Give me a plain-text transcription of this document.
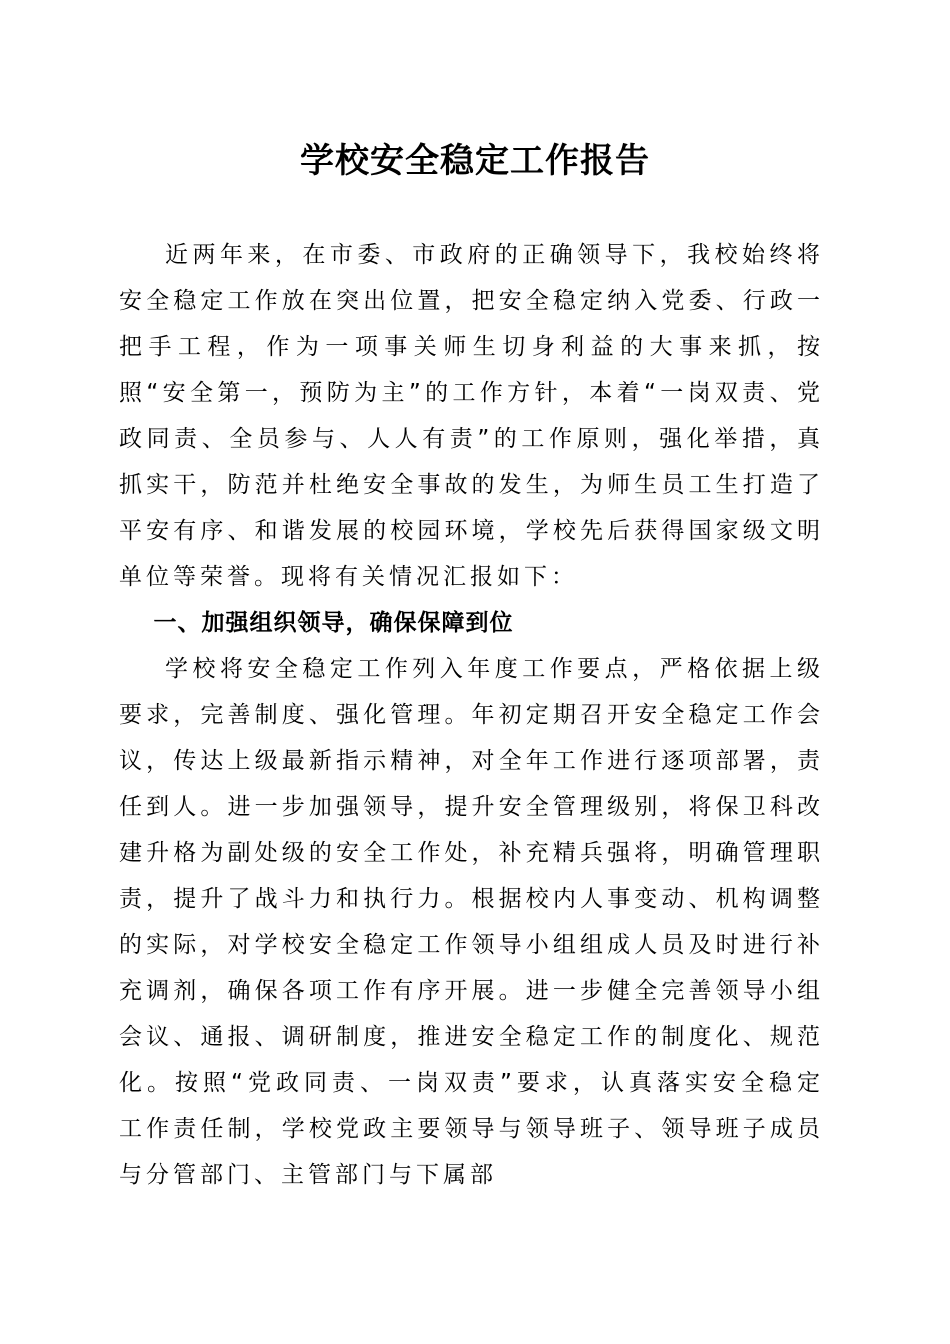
学校安全稳定工作报告

近两年来，在市委、市政府的正确领导下，我校始终将安全稳定工作放在突出位置，把安全稳定纳入党委、行政一把手工程，作为一项事关师生切身利益的大事来抓，按照“安全第一，预防为主”的工作方针，本着“一岗双责、党政同责、全员参与、人人有责”的工作原则，强化举措，真抓实干，防范并杜绝安全事故的发生，为师生员工生打造了平安有序、和谐发展的校园环境，学校先后获得国家级文明单位等荣誉。现将有关情况汇报如下：

一、加强组织领导，确保保障到位

学校将安全稳定工作列入年度工作要点，严格依据上级要求，完善制度、强化管理。年初定期召开安全稳定工作会议，传达上级最新指示精神，对全年工作进行逐项部署，责任到人。进一步加强领导，提升安全管理级别，将保卫科改建升格为副处级的安全工作处，补充精兵强将，明确管理职责，提升了战斗力和执行力。根据校内人事变动、机构调整的实际，对学校安全稳定工作领导小组组成人员及时进行补充调剂，确保各项工作有序开展。进一步健全完善领导小组会议、通报、调研制度，推进安全稳定工作的制度化、规范化。按照“党政同责、一岗双责”要求，认真落实安全稳定工作责任制，学校党政主要领导与领导班子、领导班子成员与分管部门、主管部门与下属部
